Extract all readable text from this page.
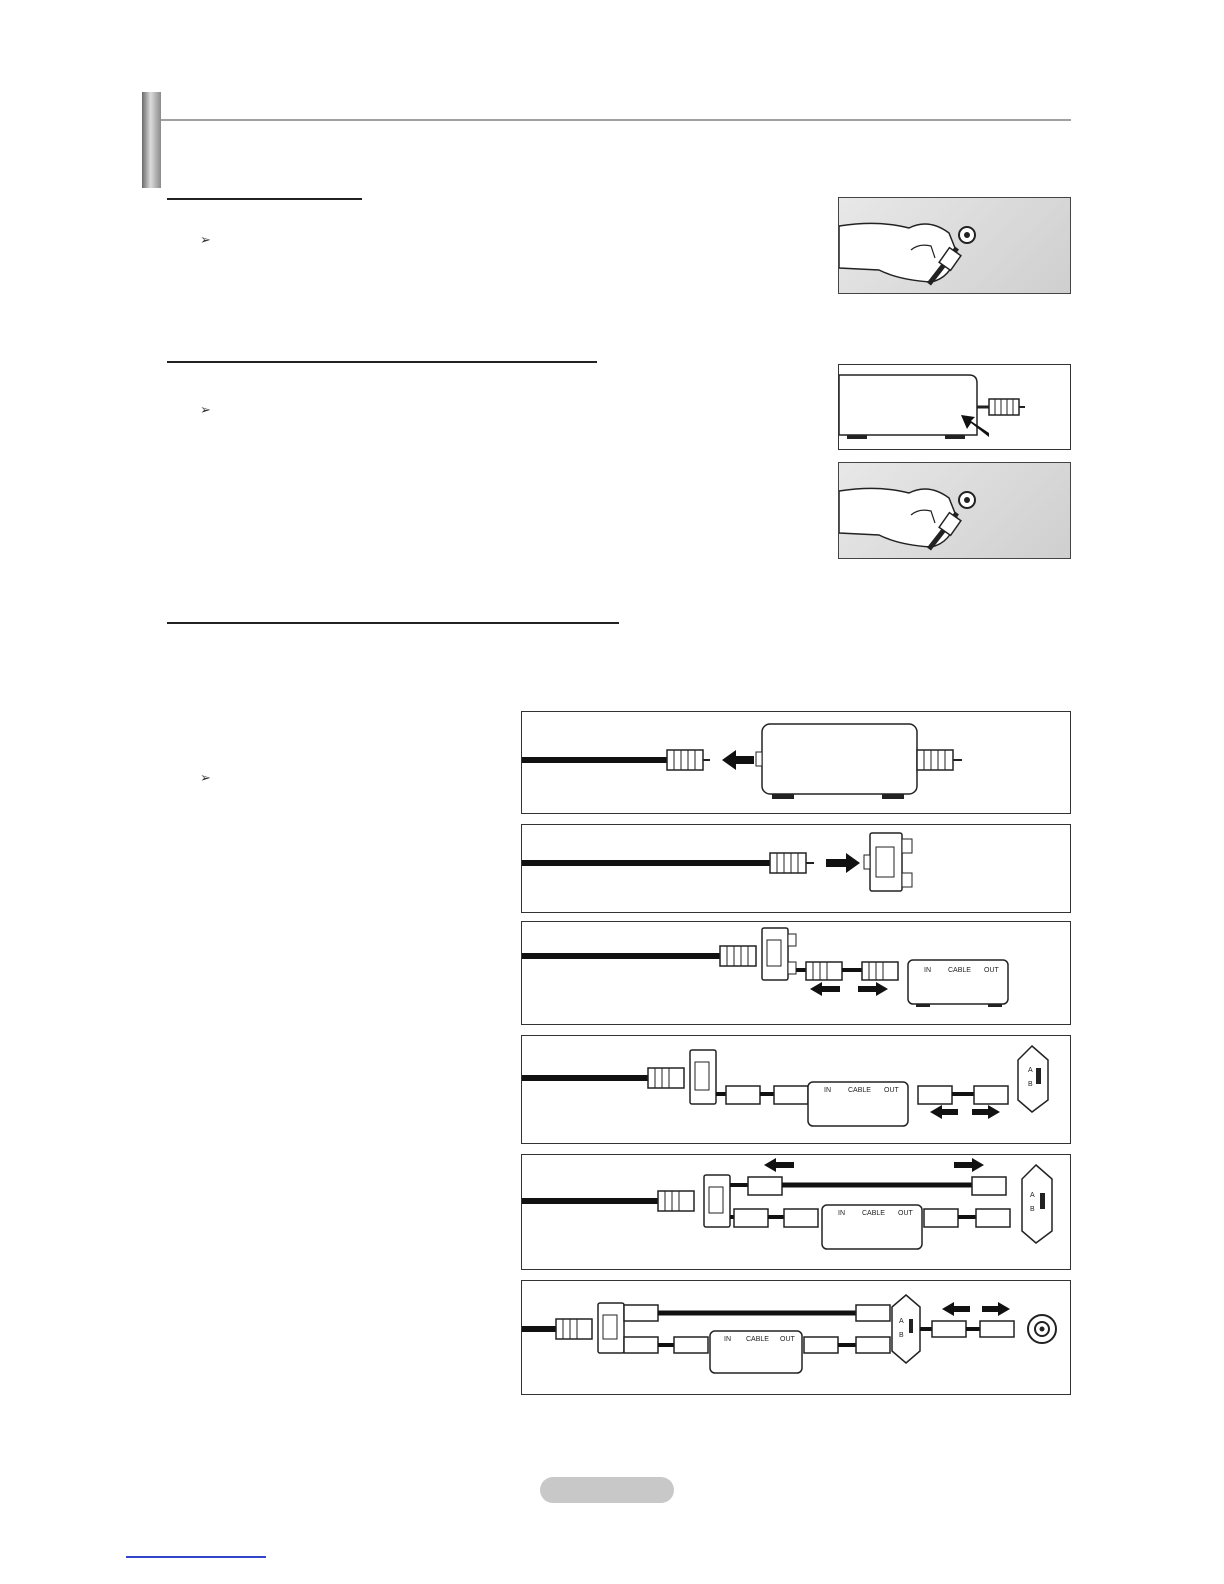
➢
➢
➢
IN CABLE OUT
IN CABLE OUT
A
B
IN CABLE OUT
A
B
IN CABLE OUT
A
B
